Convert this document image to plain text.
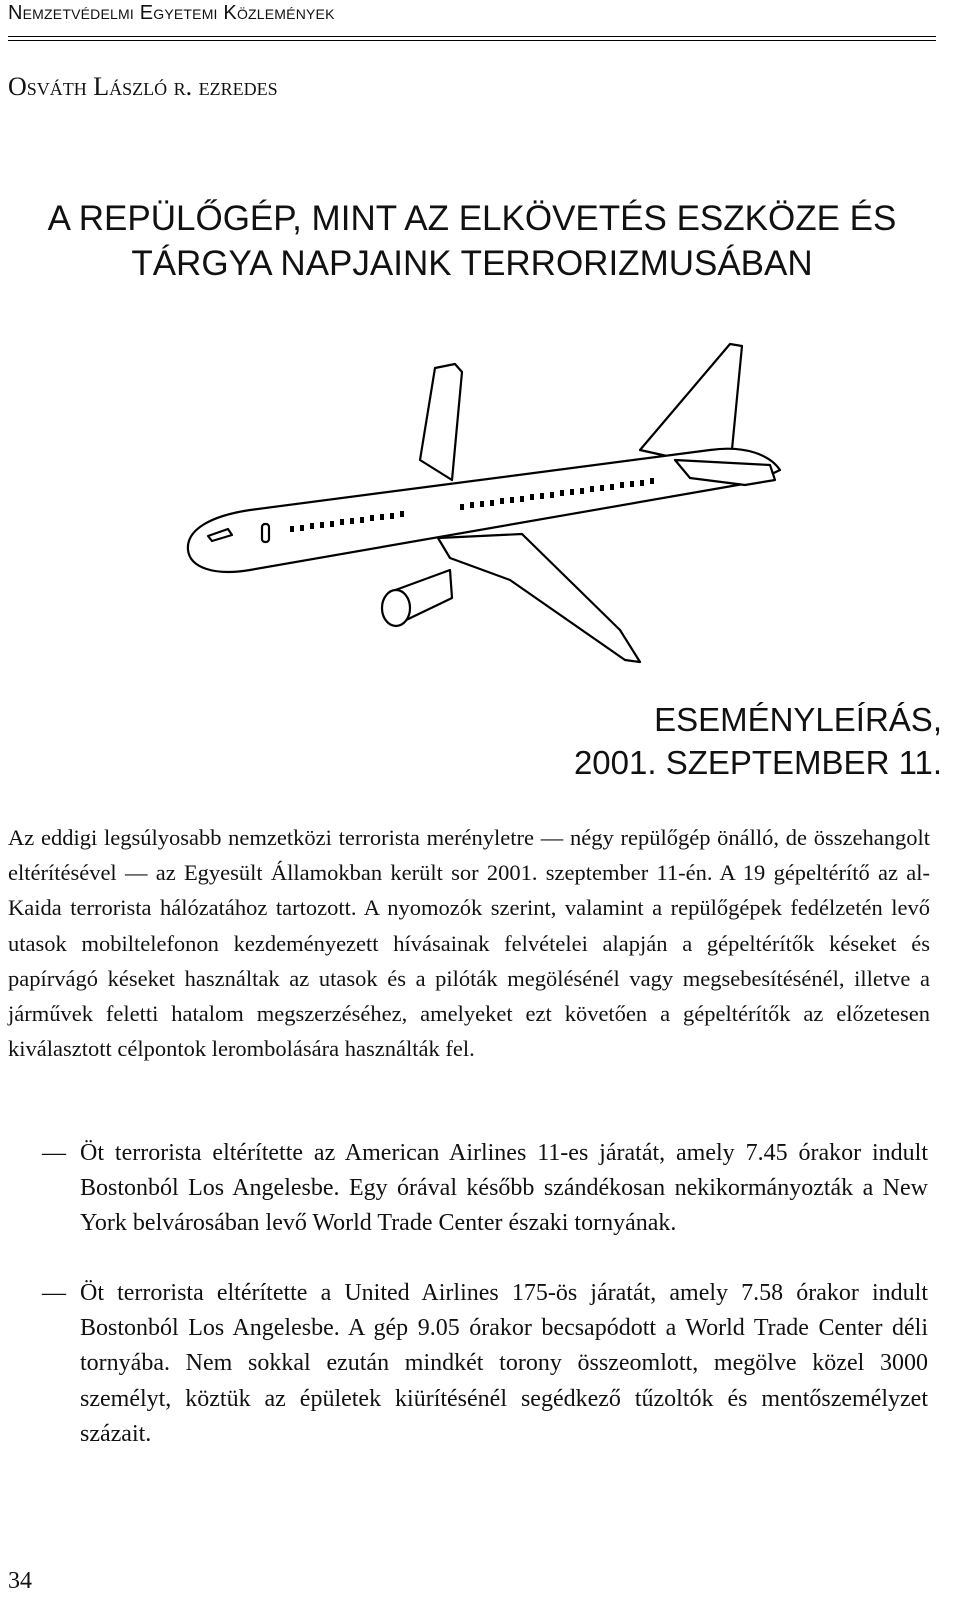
Nemzetvédelmi Egyetemi Közlemények
Osváth László r. ezredes
A REPÜLŐGÉP, MINT AZ ELKÖVETÉS ESZKÖZE ÉS
TÁRGYA NAPJAINK TERRORIZMUSÁBAN
ESEMÉNYLEÍRÁS,
2001. SZEPTEMBER 11.

Az eddigi legsúlyosabb nemzetközi terrorista merényletre — négy repülőgép önálló, de összehangolt eltérítésével — az Egyesült Államokban került sor 2001. szeptember 11-én. A 19 gépeltérítő az al-Kaida terrorista hálózatához tartozott. A nyomozók szerint, valamint a repülőgépek fedélzetén levő utasok mobiltelefonon kezdeményezett hívásainak felvételei alapján a gépeltérítők késeket és papírvágó késeket használtak az utasok és a pilóták megölésénél vagy megsebesítésénél, illetve a járművek feletti hatalom megszerzéséhez, amelyeket ezt követően a gépeltérítők az előzetesen kiválasztott célpontok lerombolására használták fel.

— Öt terrorista eltérítette az American Airlines 11-es járatát, amely 7.45 órakor indult Bostonból Los Angelesbe. Egy órával később szándékosan nekikormányozták a New York belvárosában levő World Trade Center északi tornyának.
— Öt terrorista eltérítette a United Airlines 175-ös járatát, amely 7.58 órakor indult Bostonból Los Angelesbe. A gép 9.05 órakor becsapódott a World Trade Center déli tornyába. Nem sokkal ezután mindkét torony összeomlott, megölve közel 3000 személyt, köztük az épületek kiürítésénél segédkező tűzoltók és mentőszemélyzet százait.
34
